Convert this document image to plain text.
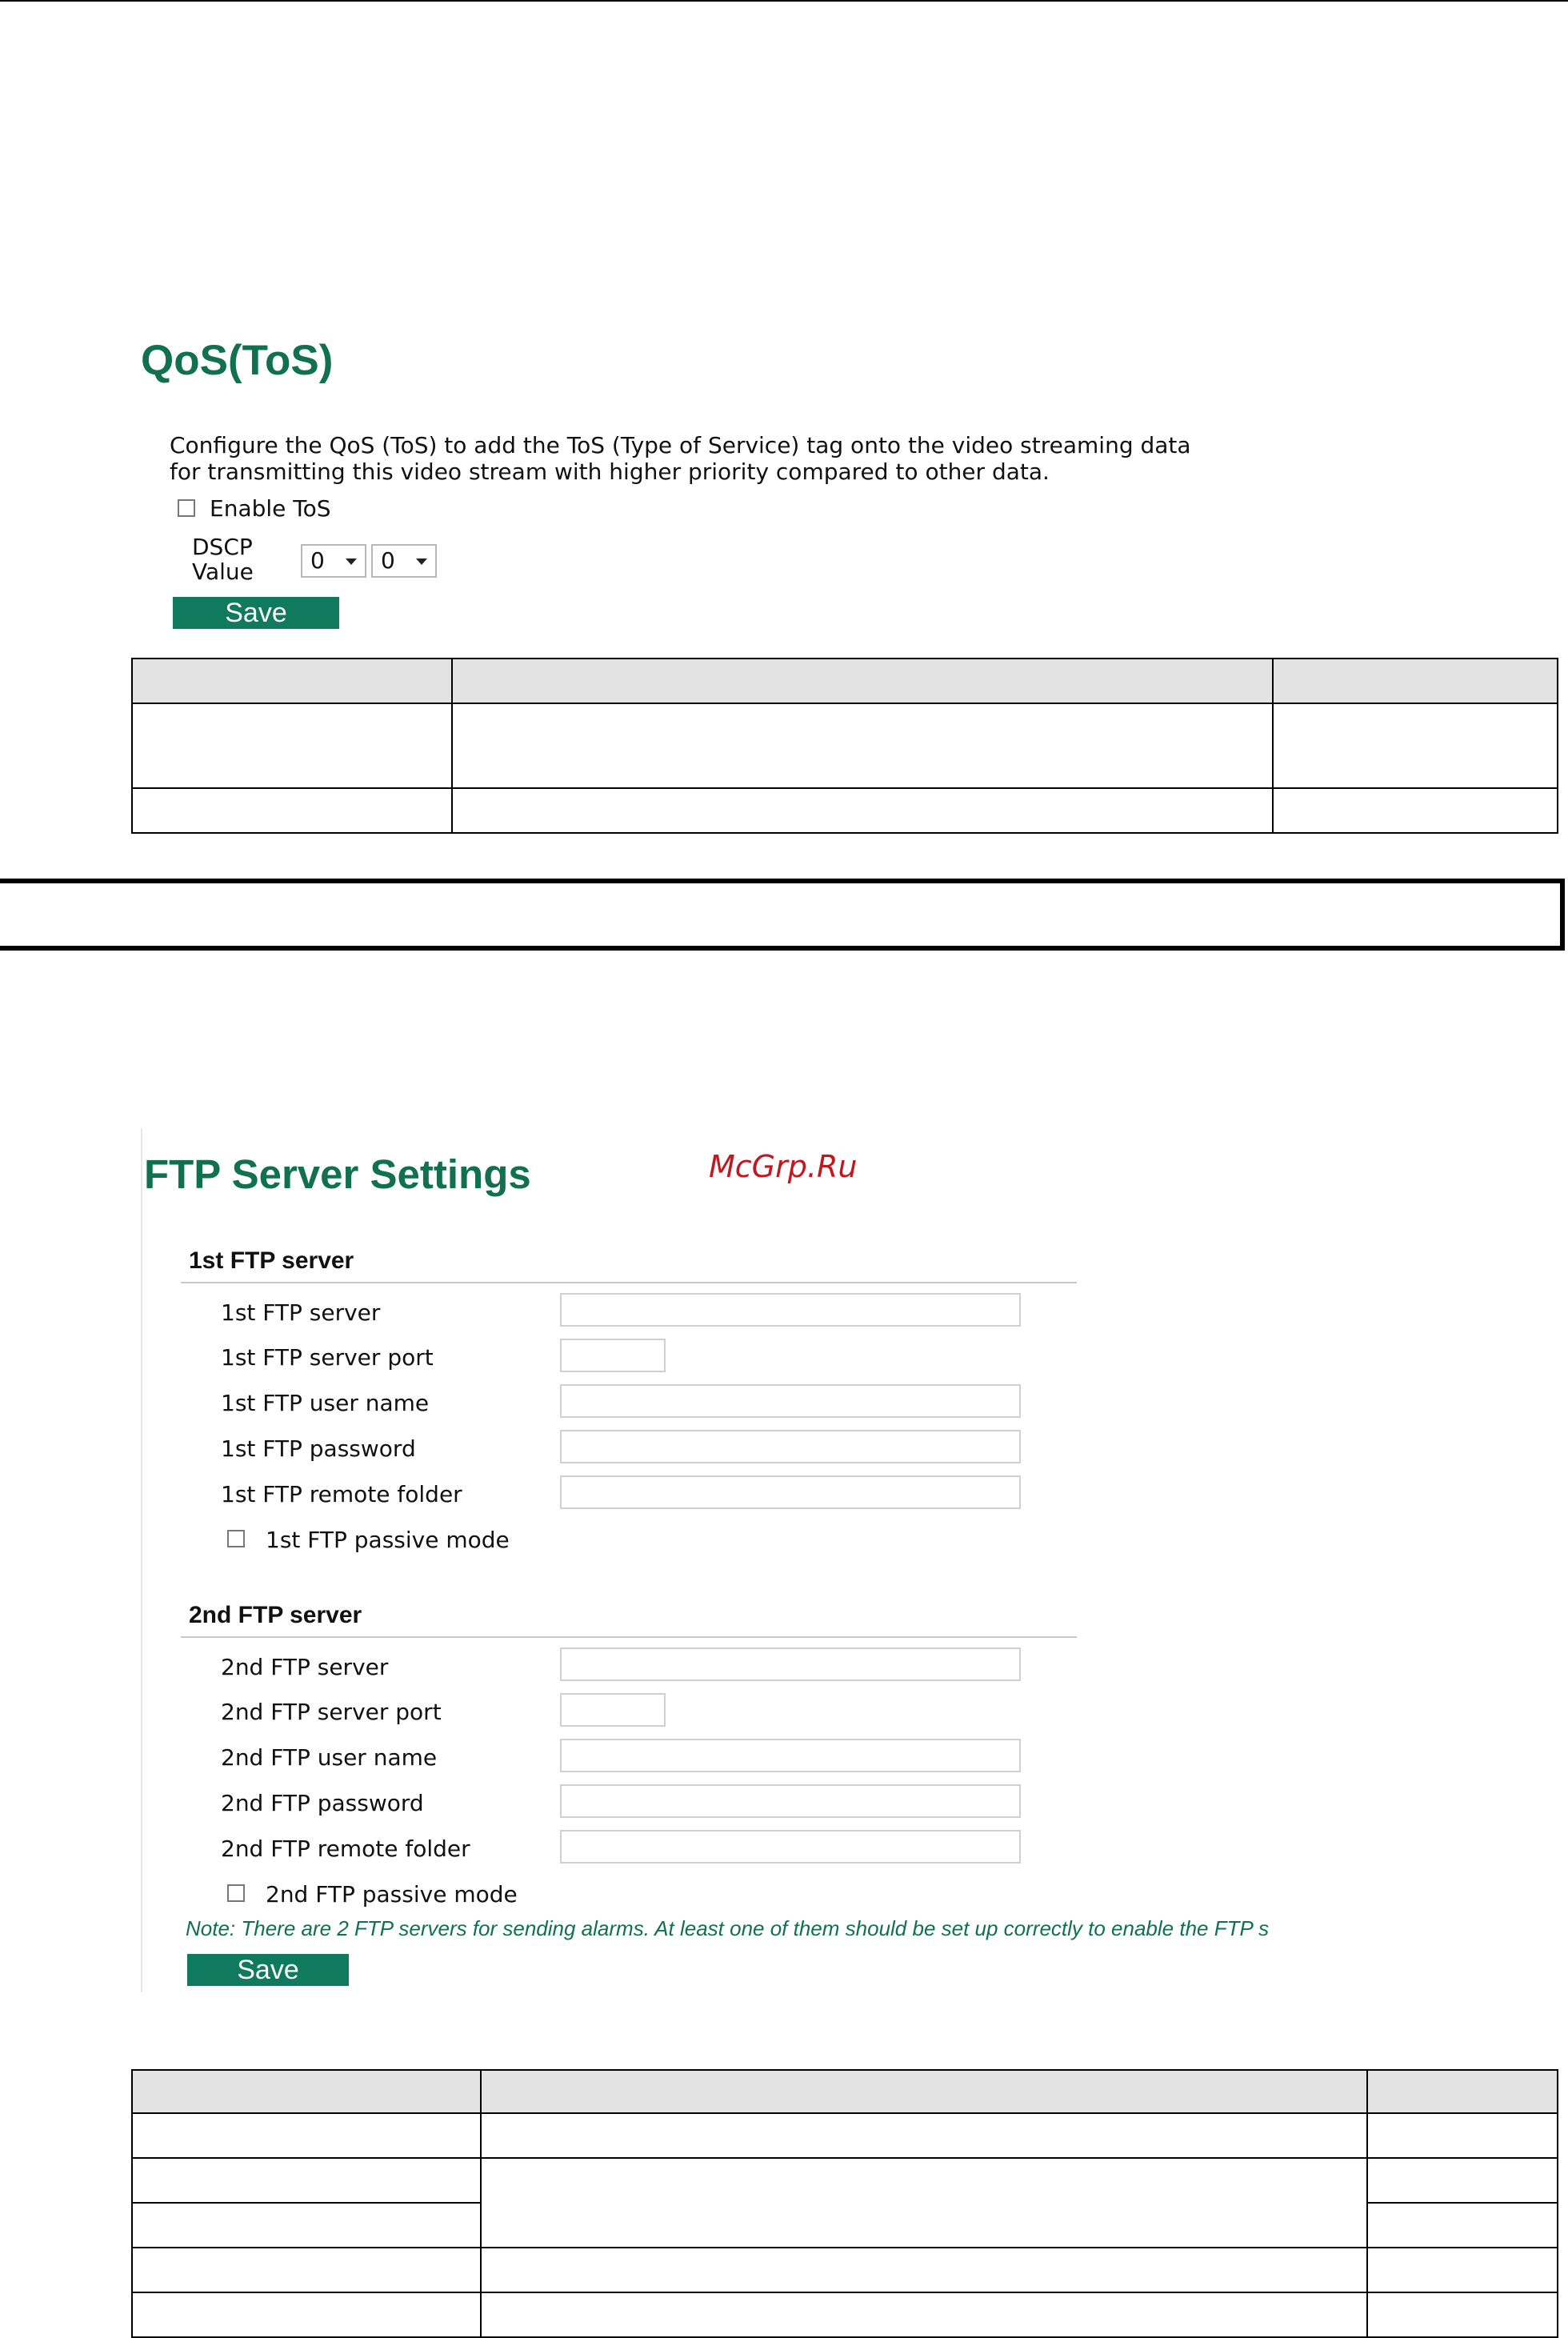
QoS(ToS)
Configure the QoS (ToS) to add the ToS (Type of Service) tag onto the video streaming data for transmitting this video stream with higher priority compared to other data.
Enable ToS
DSCP Value	0	0
Save

FTP Server Settings	McGrp.Ru
1st FTP server
1st FTP server
1st FTP server port
1st FTP user name
1st FTP password
1st FTP remote folder
1st FTP passive mode
2nd FTP server
2nd FTP server
2nd FTP server port
2nd FTP user name
2nd FTP password
2nd FTP remote folder
2nd FTP passive mode
Note: There are 2 FTP servers for sending alarms. At least one of them should be set up correctly to enable the FTP s
Save
